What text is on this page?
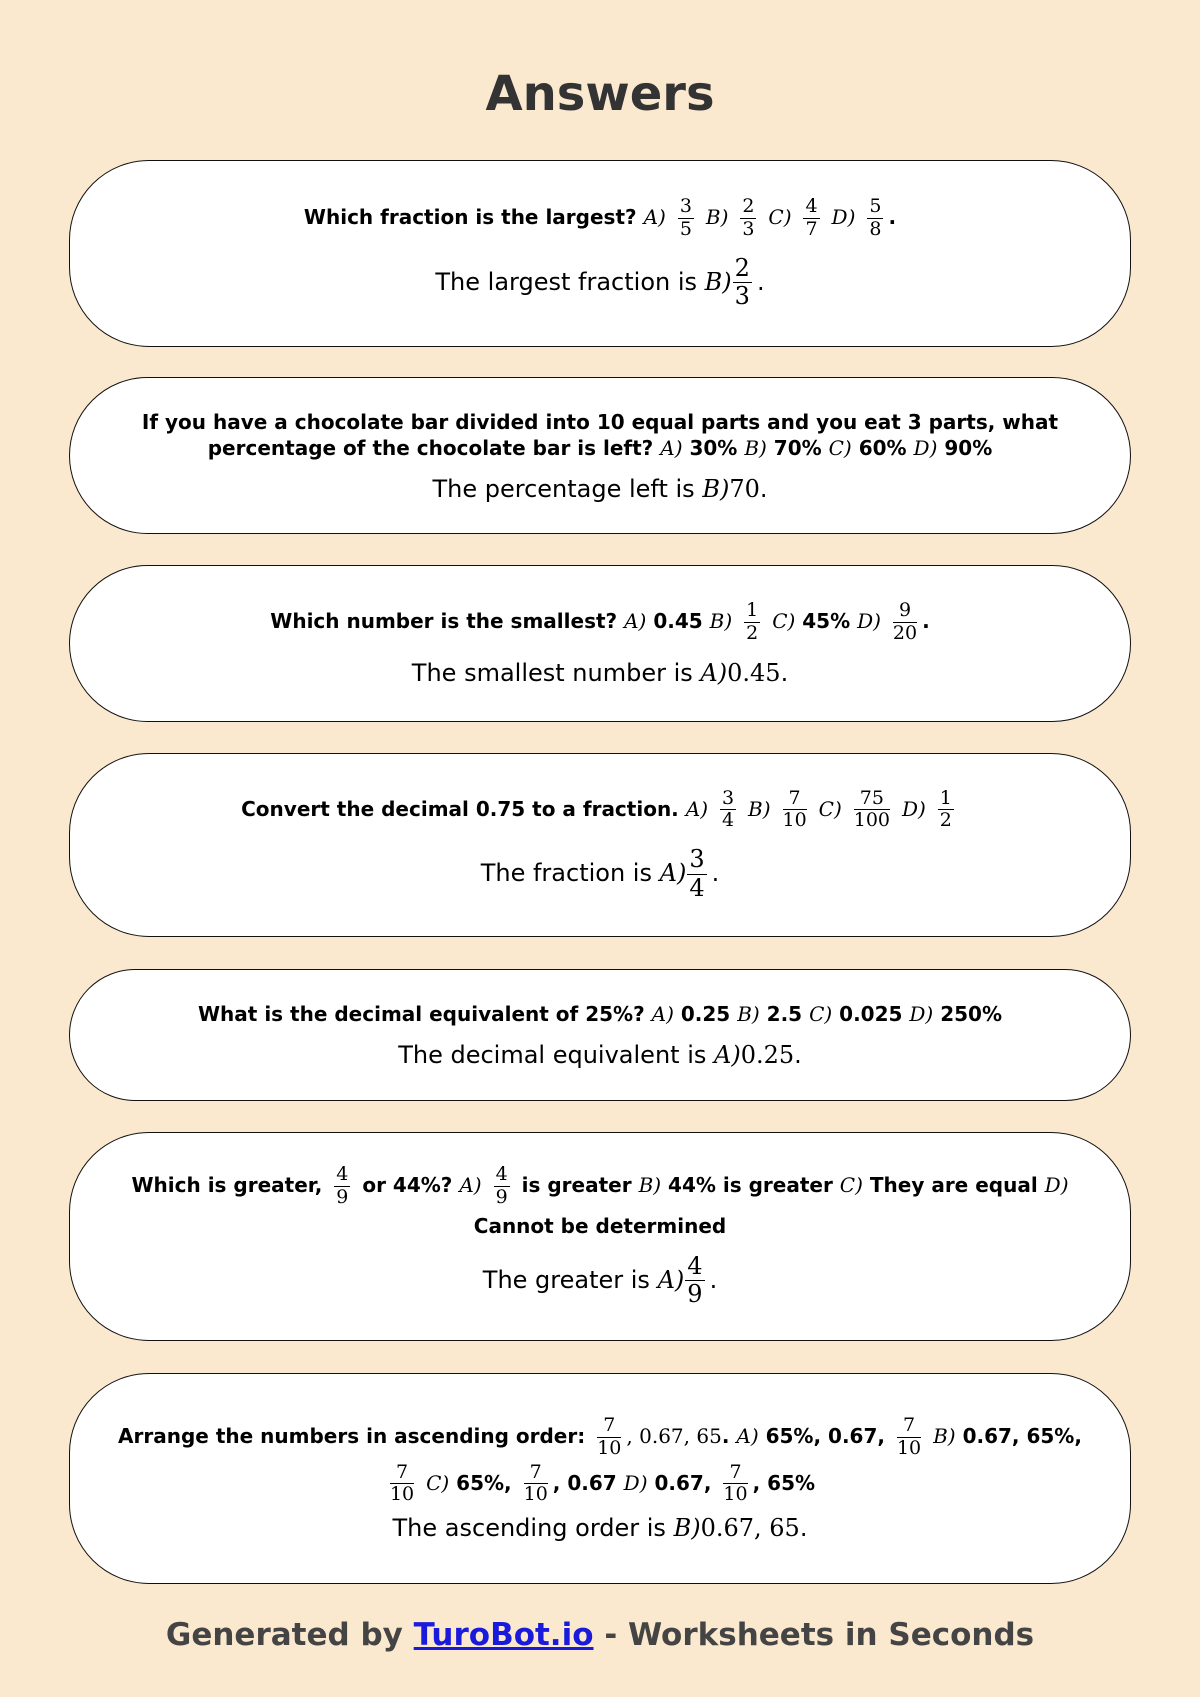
Answers
Which fraction is the largest? $A) \frac{3}{5} B) \frac{2}{3} C) \frac{4}{7} D) \frac{5}{8}$ .
The largest fraction is $B) \frac{2}{3}$ .
If you have a chocolate bar divided into 10 equal parts and you eat 3 parts, what
percentage of the chocolate bar is left? A) 30% B) 70% C) 60% D) 90%
The percentage left is B)70.
Which number is the smallest? A) 0.45 $B) \frac{1}{2} C$) 45% $D) \frac{9}{20}$ .
The smallest number is A)0.45.
Convert the decimal 0.75 to a fraction. $A) \frac{3}{4} B) \frac{7}{10} C) \frac{75}{100} D) \frac{1}{2}$
The fraction is $A) \frac{3}{4}$ .
What is the decimal equivalent of 25%? A) 0.25 B) 2.5 C) 0.025 D) 250%
The decimal equivalent is A)0.25.
Which is greater, $\frac{4}{9}$ or 44%? $A) \frac{4}{9}$ is greater B) 44% is greater C) They are equal D)
Cannot be determined
The greater is $A) \frac{4}{9}$ .
Arrange the numbers in ascending order: $\frac{7}{10}$ , 0.67, 65. A) 65%, 0.67, $\frac{7}{10} B$) 0.67, 65%,
$\frac{7}{10} C$) 65%, $\frac{7}{10}$ , 0.67 D) 0.67, $\frac{7}{10}$ , 65%
The ascending order is B)0.67, 65.
Generated by TuroBot.io - Worksheets in Seconds
